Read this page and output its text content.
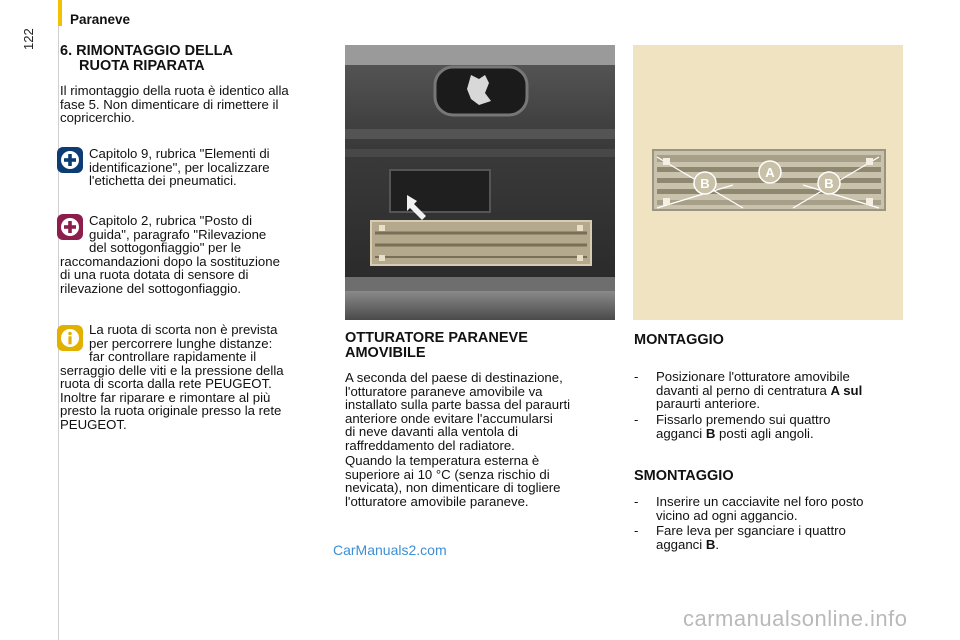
122
Paraneve
6. RIMONTAGGIO DELLA
RUOTA RIPARATA
Il rimontaggio della ruota è identico alla
fase 5. Non dimenticare di rimettere il
copricerchio.
Capitolo 9, rubrica "Elementi di
identificazione", per localizzare
l'etichetta dei pneumatici.
Capitolo 2, rubrica "Posto di
guida", paragrafo "Rilevazione
del sottogonfiaggio" per le
raccomandazioni dopo la sostituzione
di una ruota dotata di sensore di
rilevazione del sottogonfiaggio.
La ruota di scorta non è prevista
per percorrere lunghe distanze:
far controllare rapidamente il
serraggio delle viti e la pressione della
ruota di scorta dalla rete PEUGEOT.
Inoltre far riparare e rimontare al più
presto la ruota originale presso la rete
PEUGEOT.
A
B	B
OTTURATORE PARANEVE
AMOVIBILE
A seconda del paese di destinazione,
l'otturatore paraneve amovibile va
installato sulla parte bassa del paraurti
anteriore onde evitare l'accumularsi
di neve davanti alla ventola di
raffreddamento del radiatore.
Quando la temperatura esterna è
superiore ai 10 °C (senza rischio di
nevicata), non dimenticare di togliere
l'otturatore amovibile paraneve.
MONTAGGIO
- Posizionare l'otturatore amovibile
davanti al perno di centratura A sul
paraurti anteriore.
- Fissarlo premendo sui quattro
agganci B posti agli angoli.
SMONTAGGIO
- Inserire un cacciavite nel foro posto
vicino ad ogni aggancio.
- Fare leva per sganciare i quattro
agganci B.
CarManuals2.com
carmanualsonline.info
